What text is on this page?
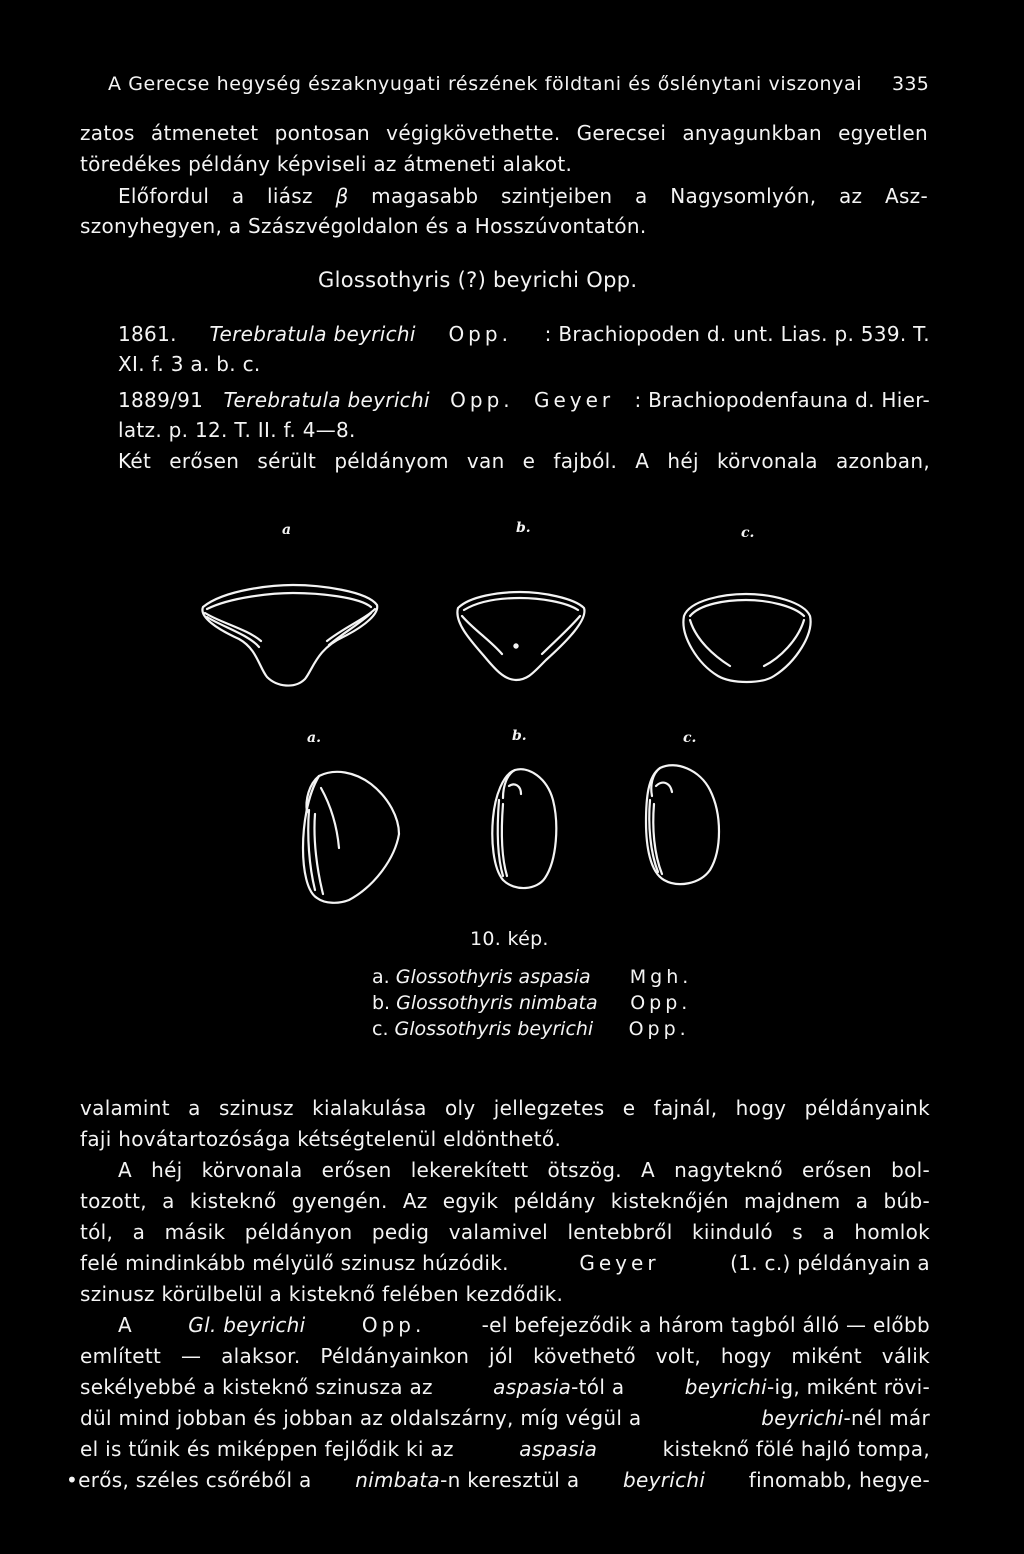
A Gerecse hegység északnyugati részének földtani és őslénytani viszonyai 335
zatos átmenetet pontosan végigkövethette. Gerecsei anyagunkban egyetlen
töredékes példány képviseli az átmeneti alakot.
Előfordul a liász β magasabb szintjeiben a Nagysomlyón, az Asz-
szonyhegyen, a Szászvégoldalon és a Hosszúvontatón.
Glossothyris (?) beyrichi Opp.
1861. Terebratula beyrichi Opp. : Brachiopoden d. unt. Lias. p. 539. T.
XI. f. 3 a. b. c.
1889/91 Terebratula beyrichi Opp. Geyer : Brachiopodenfauna d. Hier-
latz. p. 12. T. II. f. 4—8.
Két erősen sérült példányom van e fajból. A héj körvonala azonban,
a	b.	c.
a.	b.	c.
10. kép.
a. Glossothyris aspasia Mgh.
b. Glossothyris nimbata Opp.
c. Glossothyris beyrichi Opp.
valamint a szinusz kialakulása oly jellegzetes e fajnál, hogy példányaink
faji hovátartozósága kétségtelenül eldönthető.
A héj körvonala erősen lekerekített ötszög. A nagyteknő erősen bol-
tozott, a kisteknő gyengén. Az egyik példány kisteknőjén majdnem a búb-
tól, a másik példányon pedig valamivel lentebbről kiinduló s a homlok
felé mindinkább mélyülő szinusz húzódik.	Geyer	(1. c.) példányain a
szinusz körülbelül a kisteknő felében kezdődik.
A	Gl. beyrichi	Opp.	-el befejeződik a három tagból álló — előbb
említett — alaksor. Példányainkon jól követhető volt, hogy miként válik
sekélyebbé a kisteknő szinusza az	aspasia-tól a	beyrichi-ig, miként rövi-
dül mind jobban és jobban az oldalszárny, míg végül a	beyrichi-nél már
el is tűnik és miképpen fejlődik ki az	aspasia	kisteknő fölé hajló tompa,
•erős, széles csőréből a nimbata-n keresztül a beyrichi finomabb, hegye-
